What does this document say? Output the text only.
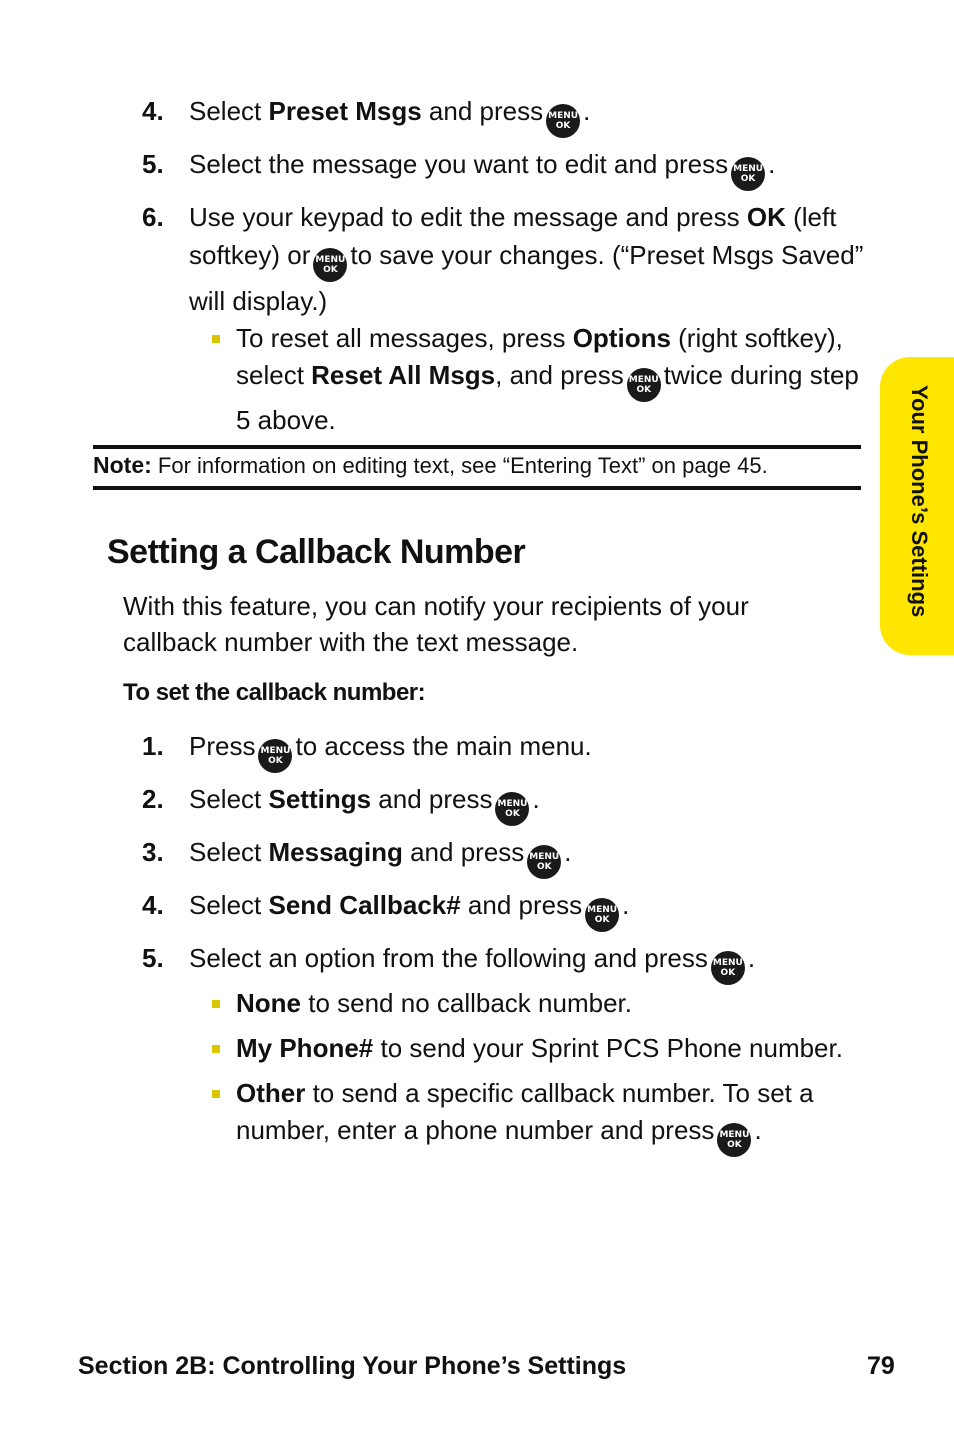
4. Select Preset Msgs and press MENU
OK .
5. Select the message you want to edit and press MENU
OK .
6. Use your keypad to edit the message and press OK (left softkey) or MENU
OK to save your changes. (“Preset Msgs Saved” will display.)
To reset all messages, press Options (right softkey), select Reset All Msgs, and press MENU
OK twice during step 5 above.
Note: For information on editing text, see “Entering Text” on page 45.
Setting a Callback Number
With this feature, you can notify your recipients of your callback number with the text message.
To set the callback number:
1. Press MENU
OK to access the main menu.
2. Select Settings and press MENU
OK .
3. Select Messaging and press MENU
OK .
4. Select Send Callback# and press MENU
OK .
5. Select an option from the following and press MENU
OK .
None to send no callback number.
My Phone# to send your Sprint PCS Phone number.
Other to send a specific callback number. To set a number, enter a phone number and press MENU
OK .
Your Phone’s Settings
Section 2B: Controlling Your Phone’s Settings	79
